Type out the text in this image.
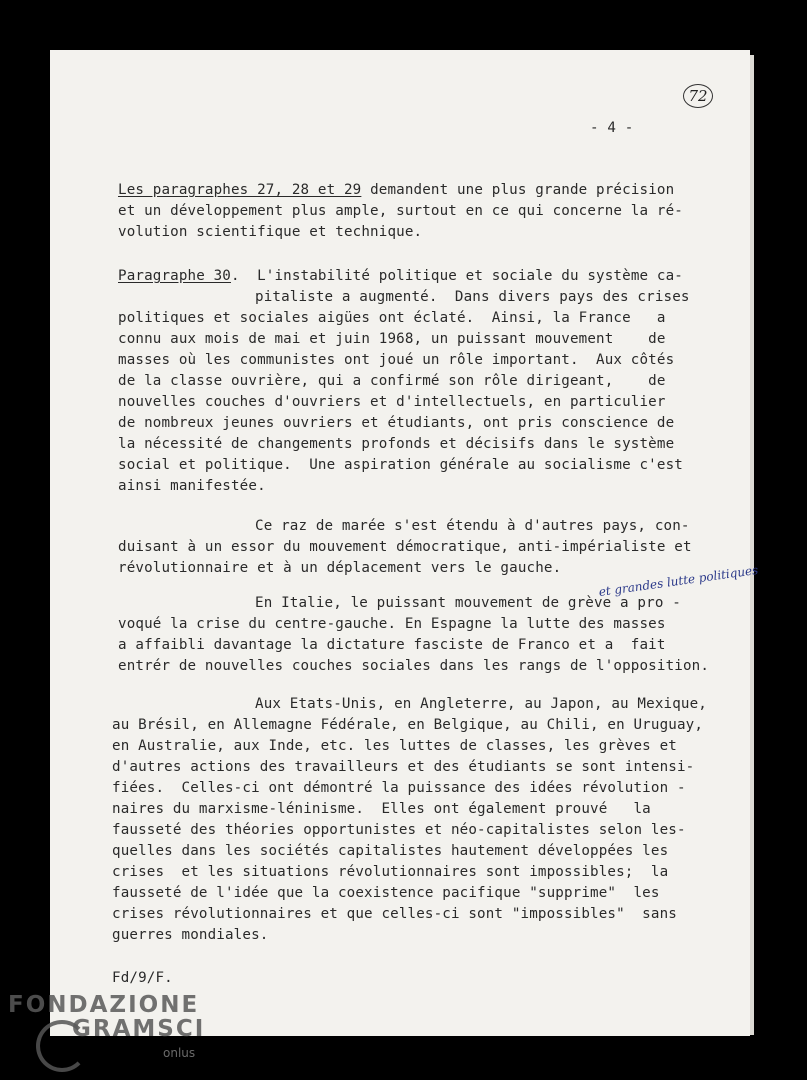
72
- 4 -
Les paragraphes 27, 28 et 29 demandent une plus grande précision
et un développement plus ample, surtout en ce qui concerne la ré-
volution scientifique et technique.
Paragraphe 30.  L'instabilité politique et sociale du système ca-
pitaliste a augmenté.  Dans divers pays des crises
politiques et sociales aigües ont éclaté.  Ainsi, la France   a
connu aux mois de mai et juin 1968, un puissant mouvement    de
masses où les communistes ont joué un rôle important.  Aux côtés
de la classe ouvrière, qui a confirmé son rôle dirigeant,    de
nouvelles couches d'ouvriers et d'intellectuels, en particulier
de nombreux jeunes ouvriers et étudiants, ont pris conscience de
la nécessité de changements profonds et décisifs dans le système
social et politique.  Une aspiration générale au socialisme c'est
ainsi manifestée.
Ce raz de marée s'est étendu à d'autres pays, con-
duisant à un essor du mouvement démocratique, anti-impérialiste et
révolutionnaire et à un déplacement vers le gauche.	et grandes lutte politiques
En Italie, le puissant mouvement de grève a pro -
voqué la crise du centre-gauche. En Espagne la lutte des masses
a affaibli davantage la dictature fasciste de Franco et a  fait
entrér de nouvelles couches sociales dans les rangs de l'opposition.
Aux Etats-Unis, en Angleterre, au Japon, au Mexique,
au Brésil, en Allemagne Fédérale, en Belgique, au Chili, en Uruguay,
en Australie, aux Inde, etc. les luttes de classes, les grèves et
d'autres actions des travailleurs et des étudiants se sont intensi-
fiées.  Celles-ci ont démontré la puissance des idées révolution -
naires du marxisme-léninisme.  Elles ont également prouvé   la
fausseté des théories opportunistes et néo-capitalistes selon les-
quelles dans les sociétés capitalistes hautement développées les
crises  et les situations révolutionnaires sont impossibles;  la
fausseté de l'idée que la coexistence pacifique "supprime"  les
crises révolutionnaires et que celles-ci sont "impossibles"  sans
guerres mondiales.
Fd/9/F.
FONDAZIONE
GRAMSCI
onlus
